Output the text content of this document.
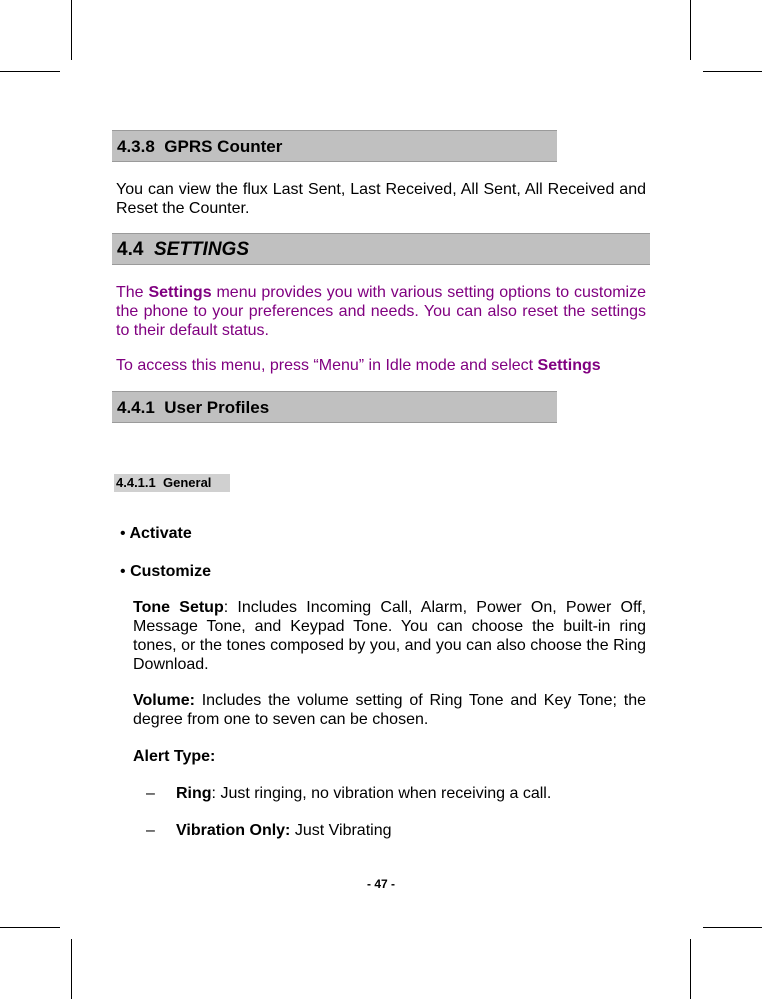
4.3.8 GPRS Counter

You can view the flux Last Sent, Last Received, All Sent, All Received and Reset the Counter.

4.4 SETTINGS

The Settings menu provides you with various setting options to customize the phone to your preferences and needs. You can also reset the settings to their default status.

To access this menu, press “Menu” in Idle mode and select Settings

4.4.1 User Profiles
4.4.1.1 General
• Activate
• Customize

Tone Setup: Includes Incoming Call, Alarm, Power On, Power Off, Message Tone, and Keypad Tone. You can choose the built-in ring tones, or the tones composed by you, and you can also choose the Ring Download.

Volume: Includes the volume setting of Ring Tone and Key Tone; the degree from one to seven can be chosen.

Alert Type:

– Ring: Just ringing, no vibration when receiving a call.
– Vibration Only: Just Vibrating
- 47 -
